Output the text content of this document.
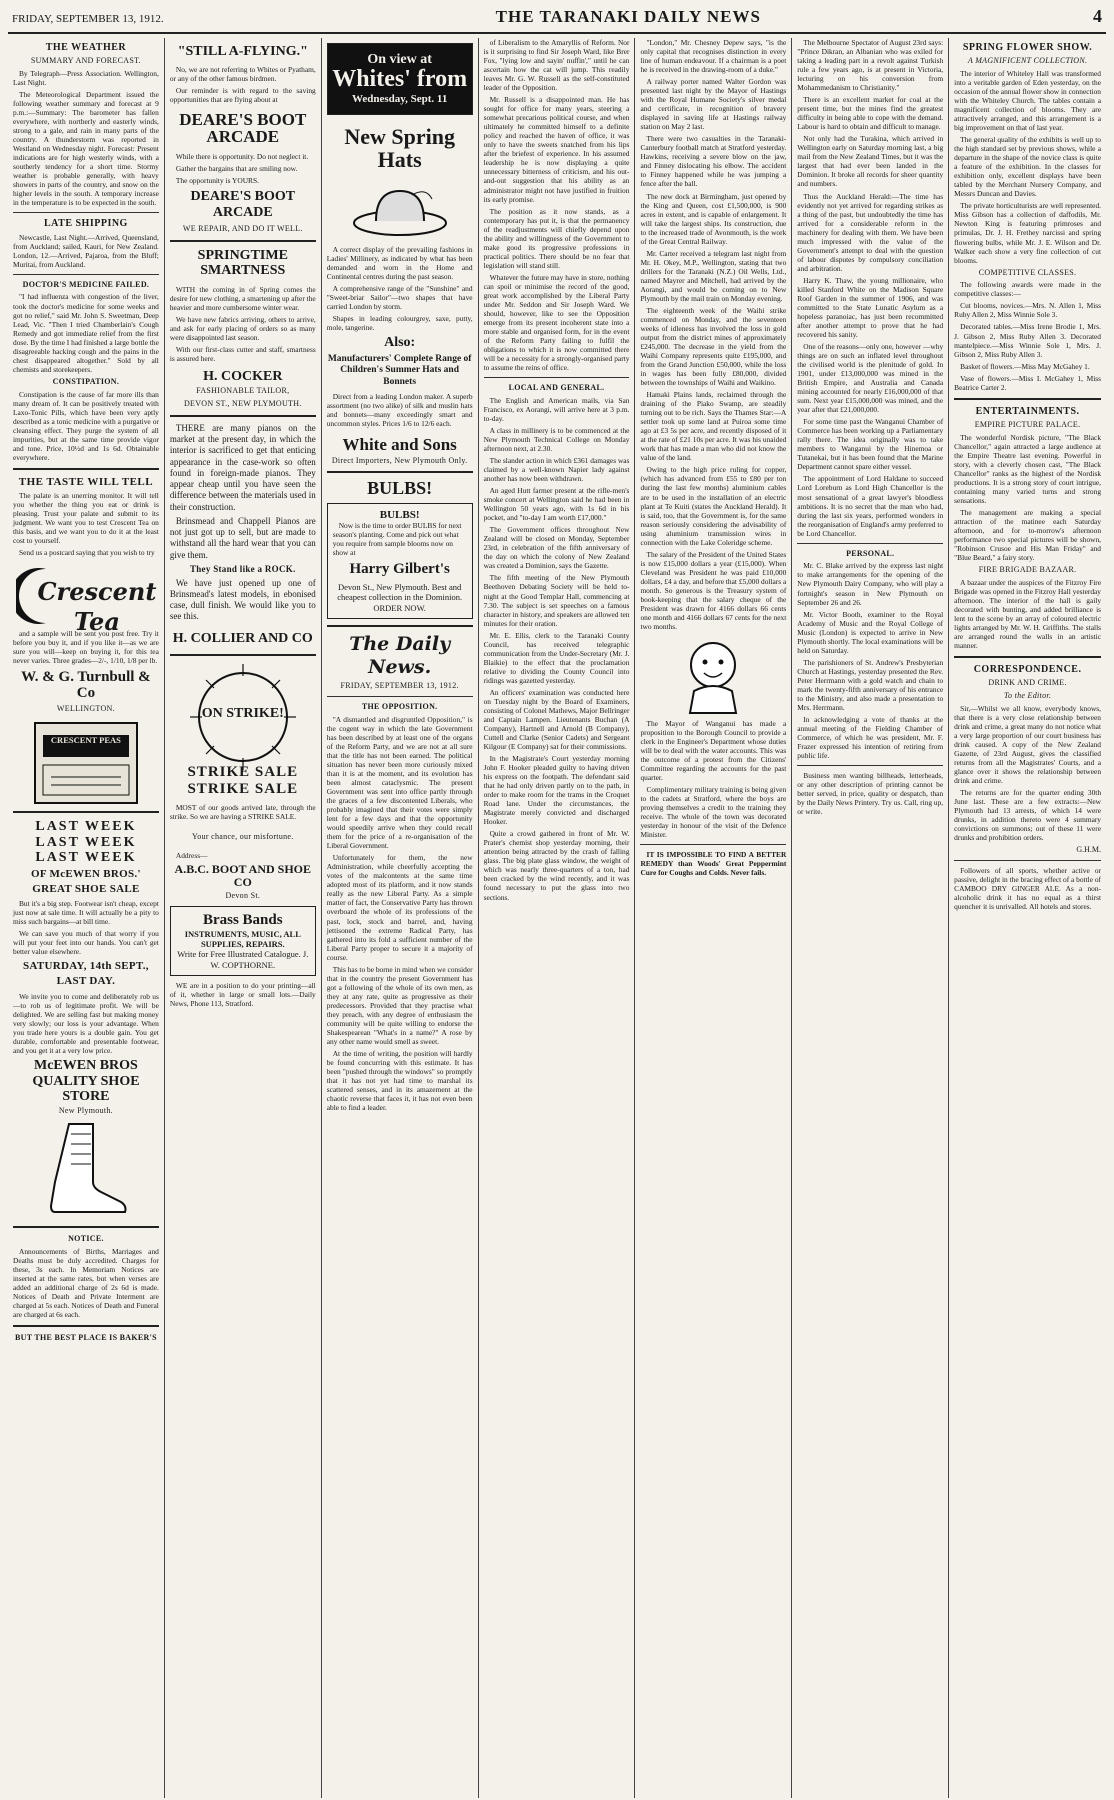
FRIDAY, SEPTEMBER 13, 1912.	THE TARANAKI DAILY NEWS	4
THE WEATHER
SUMMARY AND FORECAST.

By Telegraph—Press Association. Wellington, Last Night.

The Meteorological Department issued the following weather summary and forecast at 9 p.m.:—Summary: The barometer has fallen everywhere, with northerly and easterly winds, strong to a gale, and rain in many parts of the country. A thunderstorm was reported in Westland on Wednesday night. Forecast: Present indications are for high westerly winds, with a southerly tendency for a short time. Stormy weather is probable generally, with heavy showers in parts of the country, and snow on the higher levels in the south. A temporary increase in the temperature is to be expected in the south.

LATE SHIPPING

Newcastle, Last Night.—Arrived, Queensland, from Auckland; sailed, Kauri, for New Zealand. London, 12.—Arrived, Pajaroa, from the Bluff; Muritai, from Auckland.

DOCTOR'S MEDICINE FAILED.

"I had influenza with congestion of the liver, took the doctor's medicine for some weeks and got no relief," said Mr. John S. Sweetman, Deep Lead, Vic. "Then I tried Chamberlain's Cough Remedy and got immediate relief from the first dose. By the time I had finished a large bottle the disagreeable hacking cough and the pains in the chest disappeared altogether." Sold by all chemists and storekeepers.

CONSTIPATION.

Constipation is the cause of far more ills than many dream of. It can be positively treated with Laxo-Tonic Pills, which have been very aptly described as a tonic medicine with a purgative or cleansing effect. They purge the system of all impurities, but at the same time provide vigor and tone. Price, 10½d and 1s 6d. Obtainable everywhere.

THE TASTE WILL TELL

The palate is an unerring monitor. It will tell you whether the thing you eat or drink is pleasing. Trust your palate and submit to its judgment. We want you to test Crescent Tea on this basis, and we want you to do it at the least cost to yourself.

Send us a postcard saying that you wish to try

Crescent Tea

and a sample will be sent you post free. Try it before you buy it, and if you like it—as we are sure you will—keep on buying it, for this tea never varies. Three grades—2/-, 1/10, 1/8 per lb.

W. & G. Turnbull & Co
WELLINGTON.
CRESCENT PEAS
LAST WEEK
LAST WEEK
LAST WEEK
OF McEWEN BROS.' GREAT SHOE SALE

But it's a big step. Footwear isn't cheap, except just now at sale time. It will actually be a pity to miss such bargains—at bill time.

We can save you much of that worry if you will put your feet into our hands. You can't get better value elsewhere.

SATURDAY, 14th SEPT., LAST DAY.

We invite you to come and deliberately rob us—to rob us of legitimate profit. We will be delighted. We are selling fast but making money very slowly; our loss is your advantage. When you trade here yours is a double gain. You get durable, comfortable and presentable footwear, and you get it at a very low price.

McEWEN BROS QUALITY SHOE STORE
New Plymouth.
NOTICE.

Announcements of Births, Marriages and Deaths must be duly accredited. Charges for these, 3s each. In Memoriam Notices are inserted at the same rates, but when verses are added an additional charge of 2s 6d is made. Notices of Death and Private Interment are charged at 5s each. Notices of Death and Funeral are charged at 6s each.

BUT THE BEST PLACE IS BAKER'S
"STILL A-FLYING."

No, we are not referring to Whites or Pyatham, or any of the other famous birdmen.

Our reminder is with regard to the saving opportunities that are flying about at

DEARE'S BOOT ARCADE

While there is opportunity. Do not neglect it.

Gather the bargains that are smiling now.

The opportunity is YOURS.

DEARE'S BOOT ARCADE
WE REPAIR, AND DO IT WELL.
SPRINGTIME SMARTNESS

WITH the coming in of Spring comes the desire for new clothing, a smartening up after the heavier and more cumbersome winter wear.

We have new fabrics arriving, others to arrive, and ask for early placing of orders so as many were disappointed last season.

With our first-class cutter and staff, smartness is assured here.

H. COCKER
FASHIONABLE TAILOR,
DEVON ST., NEW PLYMOUTH.

THERE are many pianos on the market at the present day, in which the interior is sacrificed to get that enticing appearance in the case-work so often found in foreign-made pianos. They appear cheap until you have seen the difference between the materials used in their construction.

Brinsmead and Chappell Pianos are not just got up to sell, but are made to withstand all the hard wear that you can give them.

They Stand like a ROCK.

We have just opened up one of Brinsmead's latest models, in ebonised case, dull finish. We would like you to see this.

H. COLLIER AND CO
ON STRIKE!
STRIKE SALE
STRIKE SALE

MOST of our goods arrived late, through the strike. So we are having a STRIKE SALE.

Your chance, our misfortune.

Address—

A.B.C. BOOT AND SHOE CO
Devon St.
Brass Bands
INSTRUMENTS, MUSIC, ALL SUPPLIES, REPAIRS.
Write for Free Illustrated Catalogue. J. W. COPTHORNE.

WE are in a position to do your printing—all of it, whether in large or small lots.—Daily News, Phone 113, Stratford.

On view at
Whites' from
Wednesday, Sept. 11
New Spring Hats

A correct display of the prevailing fashions in Ladies' Millinery, as indicated by what has been demanded and worn in the Home and Continental centres during the past season.

A comprehensive range of the "Sunshine" and "Sweet-briar Sailor"—two shapes that have carried London by storm.

Shapes in leading colourgrey, saxe, putty, mole, tangerine.

Also:
Manufacturers' Complete Range of Children's Summer Hats and Bonnets

Direct from a leading London maker. A superb assortment (no two alike) of silk and muslin hats and bonnets—many exceedingly smart and uncommon styles. Prices 1/6 to 12/6 each.

White and Sons
Direct Importers, New Plymouth Only.
BULBS!
BULBS!

Now is the time to order BULBS for next season's planting. Come and pick out what you require from sample blooms now on show at

Harry Gilbert's
Devon St., New Plymouth. Best and cheapest collection in the Dominion. ORDER NOW.
The Daily News.
FRIDAY, SEPTEMBER 13, 1912.
THE OPPOSITION.

"A dismantled and disgruntled Opposition," is the cogent way in which the late Government has been described by at least one of the organs of the Reform Party, and we are not at all sure that the title has not been earned. The political situation has never been more curiously mixed than it is at the moment, and its evolution has been almost cataclysmic. The present Government was sent into office partly through the graces of a few discontented Liberals, who probably imagined that their votes were simply lent for a few days and that the opportunity would speedily arrive when they could recall them for the price of a re-organisation of the Liberal Government.

Unfortunately for them, the new Administration, while cheerfully accepting the votes of the malcontents at the same time adopted most of its platform, and it now stands really as the new Liberal Party. As a simple matter of fact, the Conservative Party has thrown overboard the whole of its professions of the past, lock, stock and barrel, and, having jettisoned the extreme Radical Party, has gathered into its fold a sufficient number of the Liberal Party proper to secure it a majority of course.

This has to be borne in mind when we consider that in the country the present Government has got a following of the whole of its own men, as they at any rate, quite as progressive as their predecessors. Provided that they practise what they preach, with any degree of enthusiasm the community will be quite willing to endorse the Shakespearean "What's in a name?" A rose by any other name would smell as sweet.

At the time of writing, the position will hardly be found concurring with this estimate. It has been "pushed through the windows" so promptly that it has not yet had time to marshal its scattered senses, and in its amazement at the chaotic reverse that faces it, it has not even been able to find a leader.

of Liberalism to the Amaryllis of Reform. Nor is it surprising to find Sir Joseph Ward, like Brer Fox, "lying low and sayin' nuffin'," until he can ascertain how the cat will jump. This readily leaves Mr. G. W. Russell as the self-constituted leader of the Opposition.

Mr. Russell is a disappointed man. He has sought for office for many years, steering a somewhat precarious political course, and when ultimately he committed himself to a definite policy and reached the haven of office, it was only to have the sweets snatched from his lips after the briefest of experience. In his assumed leadership he is now displaying a quite unnecessary bitterness of criticism, and his out-and-out suggestion that his ability as an administrator might not have justified in fruition its early promise.

The position as it now stands, as a contemporary has put it, is that the permanency of the readjustments will chiefly depend upon the ability and willingness of the Government to make good its progressive professions in practical politics. There should be no fear that legislation will stand still.

Whatever the future may have in store, nothing can spoil or minimise the record of the good, great work accomplished by the Liberal Party under Mr. Seddon and Sir Joseph Ward. We should, however, like to see the Opposition emerge from its present incoherent state into a more stable and organised form, for in the event of the Reform Party failing to fulfil the obligations to which it is now committed there will be a necessity for a strongly-organised party to assume the reins of office.

LOCAL AND GENERAL.

The English and American mails, via San Francisco, ex Aorangi, will arrive here at 3 p.m. to-day.

A class in millinery is to be commenced at the New Plymouth Technical College on Monday afternoon next, at 2.30.

The slander action in which £361 damages was claimed by a well-known Napier lady against another has now been withdrawn.

An aged Hutt farmer present at the rifle-men's smoke concert at Wellington said he had been in Wellington 50 years ago, with 1s 6d in his pocket, and "to-day I am worth £17,000."

The Government offices throughout New Zealand will be closed on Monday, September 23rd, in celebration of the fifth anniversary of the day on which the colony of New Zealand was created a Dominion, says the Gazette.

The fifth meeting of the New Plymouth Beethoven Debating Society will be held to-night at the Good Templar Hall, commencing at 7.30. The subject is set speeches on a famous character in history, and speakers are allowed ten minutes for their oration.

Mr. E. Ellis, clerk to the Taranaki County Council, has received telegraphic communication from the Under-Secretary (Mr. J. Blaikie) to the effect that the proclamation relative to dividing the County Council into ridings was gazetted yesterday.

An officers' examination was conducted here on Tuesday night by the Board of Examiners, consisting of Colonel Mathews, Major Bellringer and Captain Lampen. Lieutenants Buchan (A Company), Hartnell and Arnold (B Company), Cuttell and Clarke (Senior Cadets) and Sergeant Kilgour (E Company) sat for their commissions.

In the Magistrate's Court yesterday morning John F. Hooker pleaded guilty to having driven his express on the footpath. The defendant said that he had only driven partly on to the path, in order to make room for the trams in the Croquet Road lane. Under the circumstances, the Magistrate merely convicted and discharged Hooker.

Quite a crowd gathered in front of Mr. W. Prater's chemist shop yesterday morning, their attention being attracted by the crash of falling glass. The big plate glass window, the weight of which was nearly three-quarters of a ton, had been cracked by the wind recently, and it was found necessary to put the glass into two sections.

"London," Mr. Chesney Depew says, "is the only capital that recognises distinction in every line of human endeavour. If a chairman is a poet he is received in the drawing-room of a duke."

A railway porter named Walter Gordon was presented last night by the Mayor of Hastings with the Royal Humane Society's silver medal and certificate, in recognition of bravery displayed in saving life at Hastings railway station on May 2 last.

There were two casualties in the Taranaki-Canterbury football match at Stratford yesterday. Hawkins, receiving a severe blow on the jaw, and Finney dislocating his elbow. The accident to Finney happened while he was jumping a fence after the ball.

The new dock at Birmingham, just opened by the King and Queen, cost £1,500,000, is 900 acres in extent, and is capable of enlargement. It will take the largest ships. Its construction, due to the increased trade of Avonmouth, is the work of the Great Central Railway.

Mr. Carter received a telegram last night from Mr. H. Okey, M.P., Wellington, stating that two drillers for the Taranaki (N.Z.) Oil Wells, Ltd., named Mayrer and Mitchell, had arrived by the Aorangi, and would be coming on to New Plymouth by the mail train on Monday evening.

The eighteenth week of the Waihi strike commenced on Monday, and the seventeen weeks of idleness has involved the loss in gold output from the district mines of approximately £245,000. The decrease in the yield from the Waihi Company represents quite £195,000, and from the Grand Junction £50,000, while the loss in wages has been fully £80,000, divided between the townships of Waihi and Waikino.

Hamaki Plains lands, reclaimed through the draining of the Piako Swamp, are steadily turning out to be rich. Says the Thames Star:—A settler took up some land at Puiroa some time ago at £3 5s per acre, and recently disposed of it at the rate of £21 10s per acre. It was his unaided work that has made a man who did not know the value of the land.

Owing to the high price ruling for copper, (which has advanced from £55 to £80 per ton during the last few months) aluminium cables are to be used in the installation of an electric plant at Te Kuiti (states the Auckland Herald). It is said, too, that the Government is, for the same reason seriously considering the advisability of using aluminium transmission wires in connection with the Lake Coleridge scheme.

The salary of the President of the United States is now £15,000 dollars a year (£15,000). When Cleveland was President he was paid £10,000 dollars, £4 a day, and before that £5,000 dollars a month. So generous is the Treasury system of book-keeping that the salary cheque of the President was drawn for 4166 dollars 66 cents one month and 4166 dollars 67 cents for the next two months.

The Mayor of Wanganui has made a proposition to the Borough Council to provide a clerk in the Engineer's Department whose duties will be to deal with the water accounts. This was the outcome of a protest from the Citizens' Committee regarding the accounts for the past quarter.

Complimentary military training is being given to the cadets at Stratford, where the boys are proving themselves a credit to the training they receive. The whole of the town was decorated yesterday in honour of the visit of the Defence Minister.

IT IS IMPOSSIBLE TO FIND A BETTER REMEDY than Woods' Great Peppermint Cure for Coughs and Colds. Never fails.

The Melbourne Spectator of August 23rd says: "Prince Dikran, an Albanian who was exiled for taking a leading part in a revolt against Turkish rule a few years ago, is at present in Victoria, lecturing on his conversion from Mohammedanism to Christianity."

There is an excellent market for coal at the present time, but the mines find the greatest difficulty in being able to cope with the demand. Labour is hard to obtain and difficult to manage.

Not only had the Turakina, which arrived in Wellington early on Saturday morning last, a big mail from the New Zealand Times, but it was the largest that had ever been landed in the Dominion. It broke all records for sheer quantity and numbers.

Thus the Auckland Herald:—The time has evidently not yet arrived for regarding strikes as a thing of the past, but undoubtedly the time has arrived for a considerable reform in the machinery for dealing with them. We have been much impressed with the value of the Government's attempt to deal with the question of labour disputes by compulsory conciliation and arbitration.

Harry K. Thaw, the young millionaire, who killed Stanford White on the Madison Square Roof Garden in the summer of 1906, and was committed to the State Lunatic Asylum as a hopeless paranoiac, has just been recommitted after another attempt to prove that he had recovered his sanity.

One of the reasons—only one, however —why things are on such an inflated level throughout the civilised world is the plenitude of gold. In 1901, under £13,000,000 was mined in the British Empire, and Australia and Canada mining accounted for nearly £16,000,000 of that sum. Next year £15,000,000 was mined, and the year after that £21,000,000.

For some time past the Wanganui Chamber of Commerce has been working up a Parliamentary rally there. The idea originally was to take members to Wanganui by the Hinemoa or Tutanekai, but it has been found that the Marine Department cannot spare either vessel.

The appointment of Lord Haldane to succeed Lord Loreburn as Lord High Chancellor is the most sensational of a great lawyer's bloodless ambitions. It is no secret that the man who had, during the last six years, performed wonders in the reorganisation of England's army preferred to be Lord Chancellor.

PERSONAL.

Mr. C. Blake arrived by the express last night to make arrangements for the opening of the New Plymouth Dairy Company, who will play a fortnight's season in New Plymouth on September 26 and 26.

Mr. Victor Booth, examiner to the Royal Academy of Music and the Royal College of Music (London) is expected to arrive in New Plymouth shortly. The local examinations will be held on Saturday.

The parishioners of St. Andrew's Presbyterian Church at Hastings, yesterday presented the Rev. Peter Herrmann with a gold watch and chain to mark the twenty-fifth anniversary of his entrance to the Ministry, and also made a presentation to Mrs. Herrmann.

In acknowledging a vote of thanks at the annual meeting of the Fielding Chamber of Commerce, of which he was president, Mr. F. Frazer expressed his intention of retiring from public life.

Business men wanting billheads, letterheads, or any other description of printing cannot be better served, in price, quality or despatch, than by the Daily News Printery. Try us. Call, ring up, or write.

SPRING FLOWER SHOW.
A MAGNIFICENT COLLECTION.

The interior of Whiteley Hall was transformed into a veritable garden of Eden yesterday, on the occasion of the annual flower show in connection with the Whiteley Church. The tables contain a magnificent collection of blooms. They are attractively arranged, and this arrangement is a big improvement on that of last year.

The general quality of the exhibits is well up to the high standard set by previous shows, while a departure in the shape of the novice class is quite a feature of the exhibition. In the classes for exhibition only, excellent displays have been tabled by the Merchant Nursery Company, and Messrs Duncan and Davies.

The private horticulturists are well represented. Miss Gibson has a collection of daffodils, Mr. Newton King is featuring primroses and primulas, Dr. J. H. Frethey narcissi and spring flowering bulbs, while Mr. J. E. Wilson and Dr. Walker each show a very fine collection of cut blooms.

COMPETITIVE CLASSES.

The following awards were made in the competitive classes:—

Cut blooms, novices.—Mrs. N. Allen 1, Miss Ruby Allen 2, Miss Winnie Sole 3.

Decorated tables.—Miss Irene Brodie 1, Mrs. J. Gibson 2, Miss Ruby Allen 3. Decorated mantelpiece.—Miss Winnie Sole 1, Mrs. J. Gibson 2, Miss Ruby Allen 3.

Basket of flowers.—Miss May McGahey 1.

Vase of flowers.—Miss I. McGahey 1, Miss Beatrice Carter 2.

ENTERTAINMENTS.
EMPIRE PICTURE PALACE.

The wonderful Nordisk picture, "The Black Chancellor," again attracted a large audience at the Empire Theatre last evening. Powerful in story, with a cleverly chosen cast, "The Black Chancellor" ranks as the highest of the Nordisk productions. It is a strong story of court intrigue, containing many varied turns and strong sensations.

The management are making a special attraction of the matinee each Saturday afternoon, and for to-morrow's afternoon performance two special pictures will be shown, "Robinson Crusoe and His Man Friday" and "Blue Beard," a fairy story.

FIRE BRIGADE BAZAAR.

A bazaar under the auspices of the Fitzroy Fire Brigade was opened in the Fitzroy Hall yesterday afternoon. The interior of the hall is gaily decorated with bunting, and added brilliance is lent to the scene by an array of coloured electric lights arranged by Mr. W. H. Griffiths. The stalls are arranged round the walls in an artistic manner.

CORRESPONDENCE.
DRINK AND CRIME.
To the Editor.

Sir,—Whilst we all know, everybody knows, that there is a very close relationship between drink and crime, a great many do not notice what a very large proportion of our court business has drink caused. A copy of the New Zealand Gazette, of 23rd August, gives the classified returns from all the Magistrates' Courts, and a glance over it shows the relationship between drink and crime.

The returns are for the quarter ending 30th June last. These are a few extracts:—New Plymouth had 13 arrests, of which 14 were drunks, in addition thereto were 4 summary convictions on summons; out of these 11 were drunks and prohibition orders.

G.H.M.

Followers of all sports, whether active or passive, delight in the bracing effect of a bottle of CAMBOO DRY GINGER ALE. As a non-alcoholic drink it has no equal as a thirst quencher it is unrivalled. All hotels and stores.
